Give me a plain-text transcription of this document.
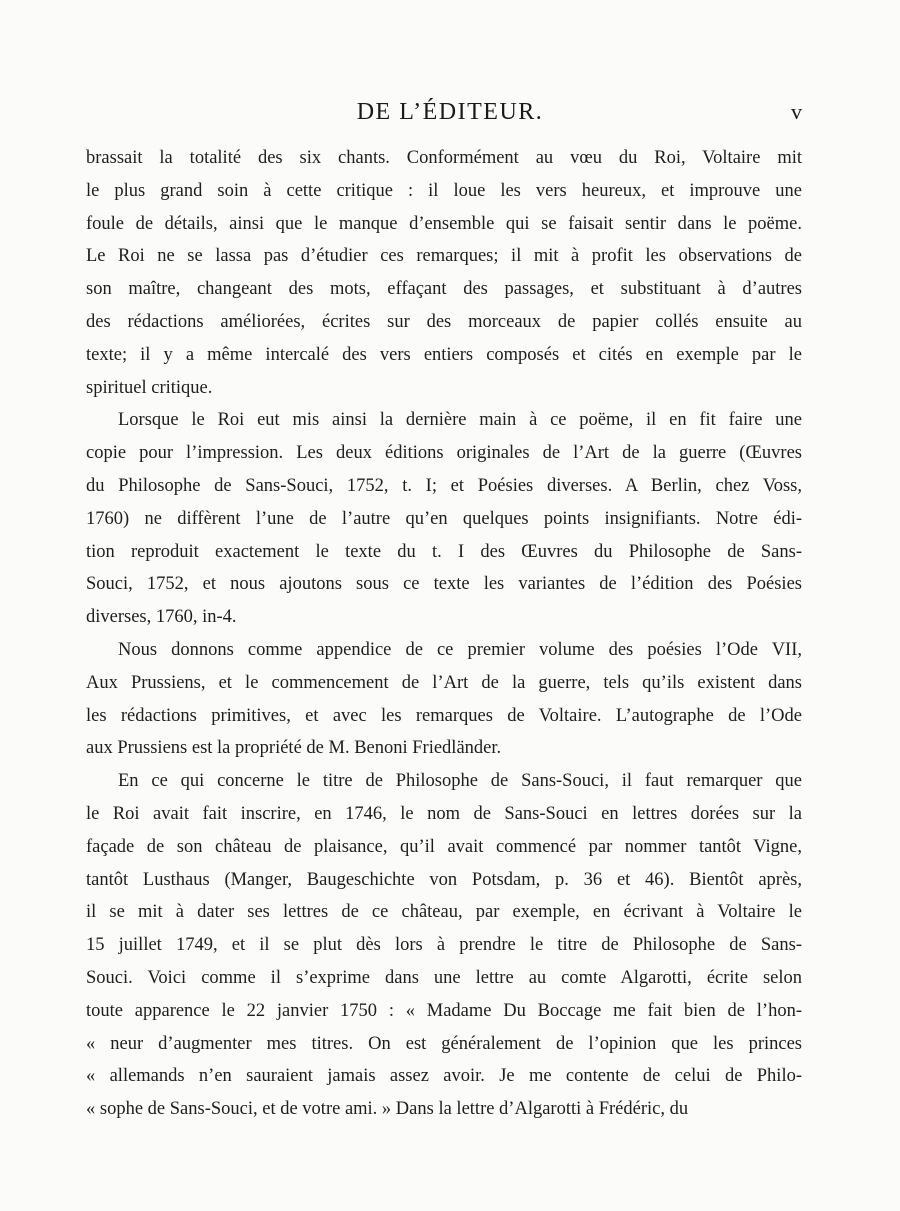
DE L’ÉDITEUR.	v
brassait la totalité des six chants. Conformément au vœu du Roi, Voltaire mit
le plus grand soin à cette critique : il loue les vers heureux, et improuve une
foule de détails, ainsi que le manque d’ensemble qui se faisait sentir dans le poëme.
Le Roi ne se lassa pas d’étudier ces remarques; il mit à profit les observations de
son maître, changeant des mots, effaçant des passages, et substituant à d’autres
des rédactions améliorées, écrites sur des morceaux de papier collés ensuite au
texte; il y a même intercalé des vers entiers composés et cités en exemple par le
spirituel critique.
Lorsque le Roi eut mis ainsi la dernière main à ce poëme, il en fit faire une
copie pour l’impression. Les deux éditions originales de l’Art de la guerre (Œuvres
du Philosophe de Sans-Souci, 1752, t. I; et Poésies diverses. A Berlin, chez Voss,
1760) ne diffèrent l’une de l’autre qu’en quelques points insignifiants. Notre édi-
tion reproduit exactement le texte du t. I des Œuvres du Philosophe de Sans-
Souci, 1752, et nous ajoutons sous ce texte les variantes de l’édition des Poésies
diverses, 1760, in-4.
Nous donnons comme appendice de ce premier volume des poésies l’Ode VII,
Aux Prussiens, et le commencement de l’Art de la guerre, tels qu’ils existent dans
les rédactions primitives, et avec les remarques de Voltaire. L’autographe de l’Ode
aux Prussiens est la propriété de M. Benoni Friedländer.
En ce qui concerne le titre de Philosophe de Sans-Souci, il faut remarquer que
le Roi avait fait inscrire, en 1746, le nom de Sans-Souci en lettres dorées sur la
façade de son château de plaisance, qu’il avait commencé par nommer tantôt Vigne,
tantôt Lusthaus (Manger, Baugeschichte von Potsdam, p. 36 et 46). Bientôt après,
il se mit à dater ses lettres de ce château, par exemple, en écrivant à Voltaire le
15 juillet 1749, et il se plut dès lors à prendre le titre de Philosophe de Sans-
Souci. Voici comme il s’exprime dans une lettre au comte Algarotti, écrite selon
toute apparence le 22 janvier 1750 : « Madame Du Boccage me fait bien de l’hon-
« neur d’augmenter mes titres. On est généralement de l’opinion que les princes
« allemands n’en sauraient jamais assez avoir. Je me contente de celui de Philo-
« sophe de Sans-Souci, et de votre ami. » Dans la lettre d’Algarotti à Frédéric, du
